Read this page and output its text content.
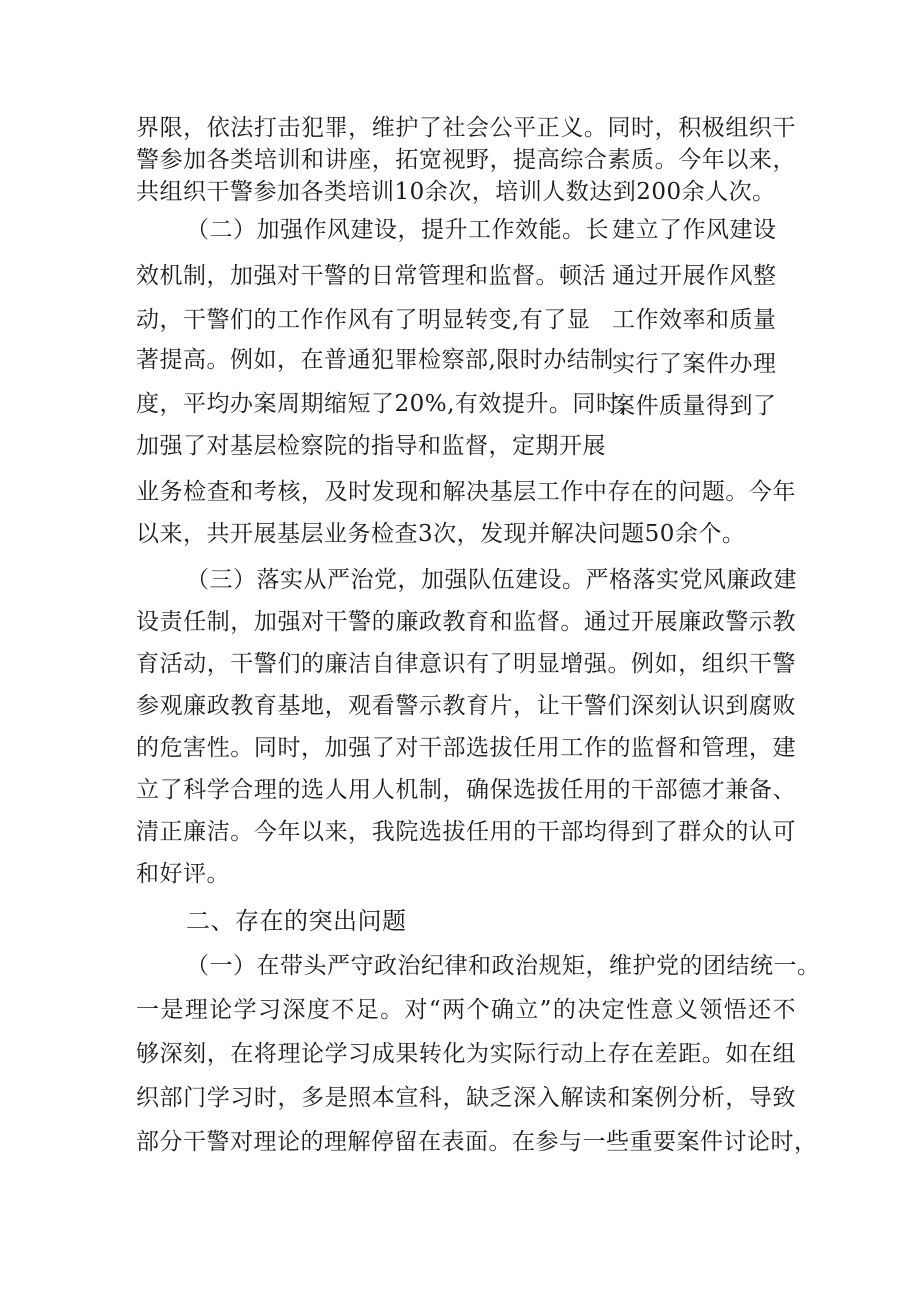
界限，依法打击犯罪，维护了社会公平正义。同时，积极组织干
警参加各类培训和讲座，拓宽视野，提高综合素质。今年以来，
共组织干警参加各类培训10余次，培训人数达到200余人次。
（二）加强作风建设，提升工作效能。长 建立了作风建设
效机制，加强对干警的日常管理和监督。顿活 通过开展作风整
动，干警们的工作作风有了明显转变,有了显 工作效率和质量
著提高。例如，在普通犯罪检察部,限时办结制
实行了案件办理
度，平均办案周期缩短了20%,有效提升。同时,
案件质量得到了
加强了对基层检察院的指导和监督，定期开展
业务检查和考核，及时发现和解决基层工作中存在的问题。今年
以来，共开展基层业务检查3次，发现并解决问题50余个。
（三）落实从严治党，加强队伍建设。严格落实党风廉政建
设责任制，加强对干警的廉政教育和监督。通过开展廉政警示教
育活动，干警们的廉洁自律意识有了明显增强。例如，组织干警
参观廉政教育基地，观看警示教育片，让干警们深刻认识到腐败
的危害性。同时，加强了对干部选拔任用工作的监督和管理，建
立了科学合理的选人用人机制，确保选拔任用的干部德才兼备、
清正廉洁。今年以来，我院选拔任用的干部均得到了群众的认可
和好评。
二、存在的突出问题
（一）在带头严守政治纪律和政治规矩，维护党的团结统一。
一是理论学习深度不足。对“两个确立”的决定性意义领悟还不
够深刻，在将理论学习成果转化为实际行动上存在差距。如在组
织部门学习时，多是照本宣科，缺乏深入解读和案例分析，导致
部分干警对理论的理解停留在表面。在参与一些重要案件讨论时，
